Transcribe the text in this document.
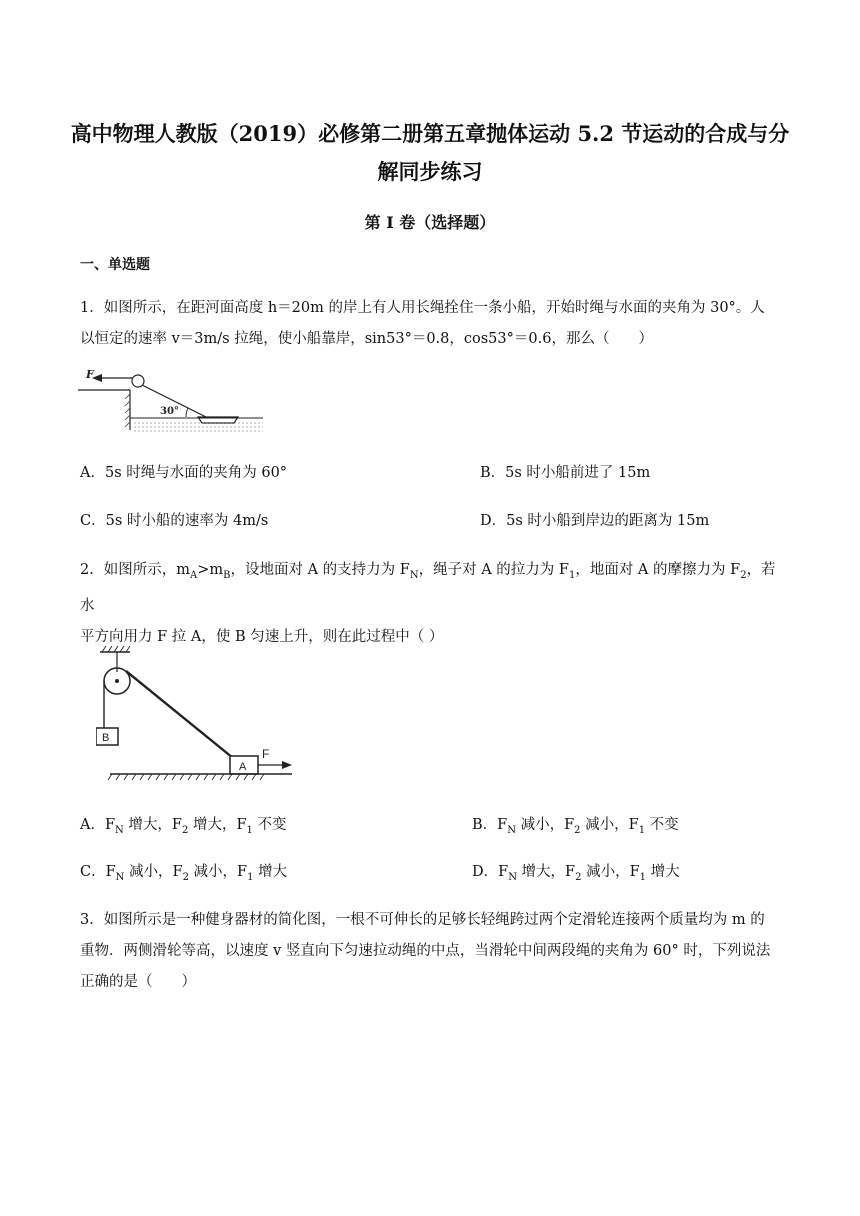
高中物理人教版（2019）必修第二册第五章抛体运动 5.2 节运动的合成与分
解同步练习
第 I 卷（选择题）
一、单选题
1．如图所示，在距河面高度 h＝20m 的岸上有人用长绳拴住一条小船，开始时绳与水面的夹角为 30°。人
以恒定的速率 v＝3m/s 拉绳，使小船靠岸，sin53°＝0.8，cos53°＝0.6，那么（　　）
F
30°
A．5s 时绳与水面的夹角为 60°	B．5s 时小船前进了 15m
C．5s 时小船的速率为 4m/s	D．5s 时小船到岸边的距离为 15m
2．如图所示，$m_A>m_B$，设地面对 A 的支持力为 $F_N$，绳子对 A 的拉力为 $F_1$，地面对 A 的摩擦力为 $F_2$，若水
平方向用力 F 拉 A，使 B 匀速上升，则在此过程中（ ）
B
A
F
A．$F_N$ 增大，$F_2$ 增大，$F_1$ 不变	B．$F_N$ 减小，$F_2$ 减小，$F_1$ 不变
C．$F_N$ 减小，$F_2$ 减小，$F_1$ 增大	D．$F_N$ 增大，$F_2$ 减小，$F_1$ 增大
3．如图所示是一种健身器材的简化图，一根不可伸长的足够长轻绳跨过两个定滑轮连接两个质量均为 m 的
重物．两侧滑轮等高，以速度 v 竖直向下匀速拉动绳的中点，当滑轮中间两段绳的夹角为 60° 时，下列说法
正确的是（　　）
